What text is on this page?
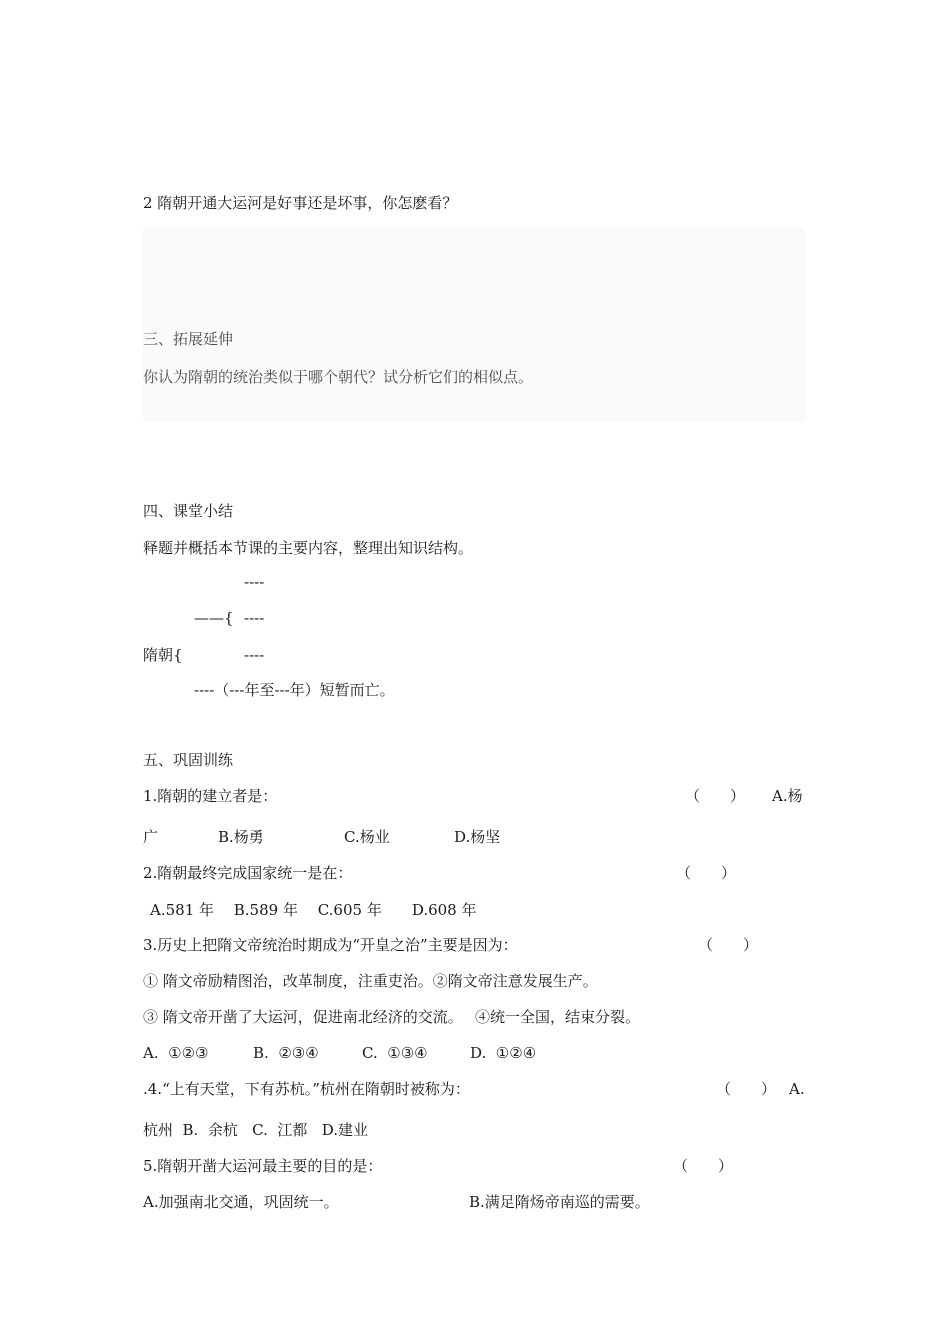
2 隋朝开通大运河是好事还是坏事，你怎麽看？
三、拓展延伸
你认为隋朝的统治类似于哪个朝代？试分析它们的相似点。
四、课堂小结
释题并概括本节课的主要内容，整理出知识结构。
----
——{ ----
隋朝{	----
----（---年至---年）短暂而亡。
五、巩固训练
1.隋朝的建立者是：	（　　） A.杨
广	B.杨勇	C.杨业	D.杨坚
2.隋朝最终完成国家统一是在：	（　　）
A.581 年　 B.589 年　 C.605 年　　D.608 年
3.历史上把隋文帝统治时期成为“开皇之治”主要是因为：	（　　）
① 隋文帝励精图治，改革制度，注重吏治。②隋文帝注意发展生产。
③ 隋文帝开凿了大运河，促进南北经济的交流。　 ④统一全国，结束分裂。
A.  ①②③	B.  ②③④	C.  ①③④	D.  ①②④
.4.“上有天堂，下有苏杭。”杭州在隋朝时被称为：	（　　） A.
杭州  B.  余杭   C.  江都   D.建业
5.隋朝开凿大运河最主要的目的是：	（　　）
A.加强南北交通，巩固统一。	B.满足隋炀帝南巡的需要。
